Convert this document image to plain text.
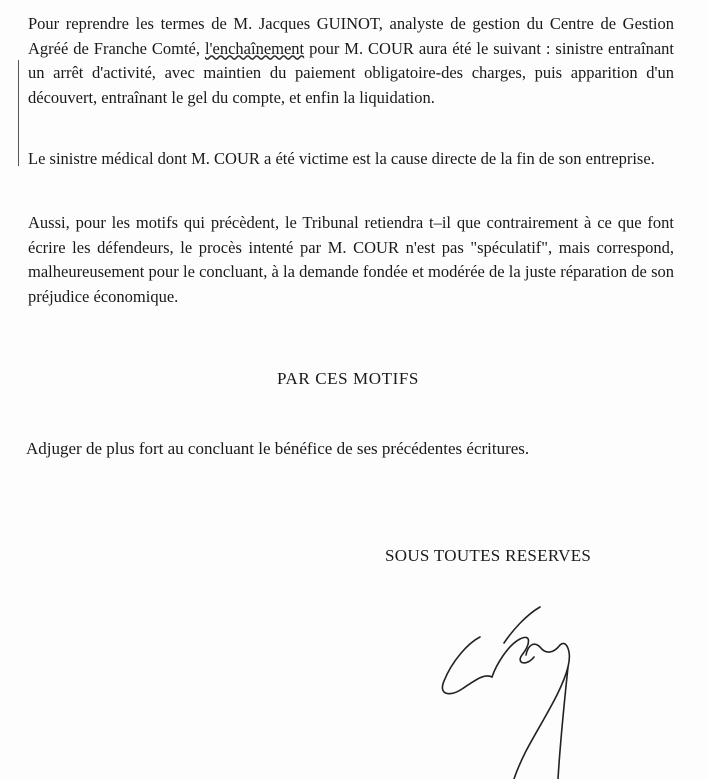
Pour reprendre les termes de M. Jacques GUINOT, analyste de gestion du Centre de Gestion Agréé de Franche Comté, l'enchaînement pour M. COUR aura été le suivant : sinistre entraînant un arrêt d'activité, avec maintien du paiement obligatoire-des charges, puis apparition d'un découvert, entraînant le gel du compte, et enfin la liquidation.
Le sinistre médical dont M. COUR a été victime est la cause directe de la fin de son entreprise.
Aussi, pour les motifs qui précèdent, le Tribunal retiendra t–il que contrairement à ce que font écrire les défendeurs, le procès intenté par M. COUR n'est pas "spéculatif", mais correspond, malheureusement pour le concluant, à la demande fondée et modérée de la juste réparation de son préjudice économique.
PAR CES MOTIFS
Adjuger de plus fort au concluant le bénéfice de ses précédentes écritures.
SOUS TOUTES RESERVES
